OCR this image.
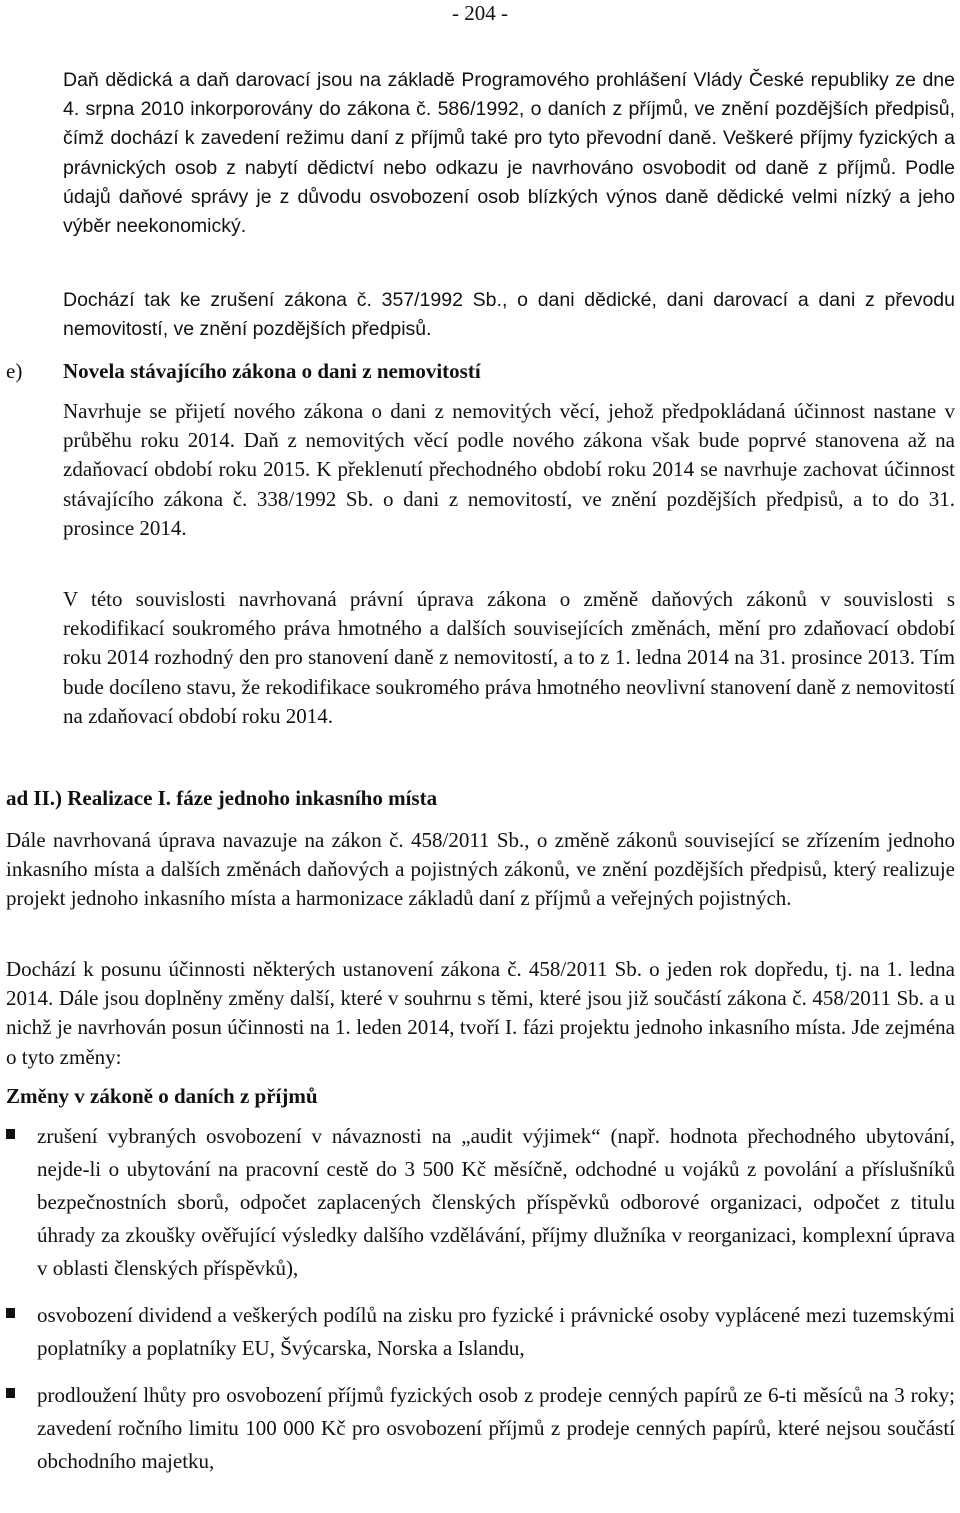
- 204 -

Daň dědická a daň darovací jsou na základě Programového prohlášení Vlády České republiky ze dne 4. srpna 2010 inkorporovány do zákona č. 586/1992, o daních z příjmů, ve znění pozdějších předpisů, čímž dochází k zavedení režimu daní z příjmů také pro tyto převodní daně. Veškeré příjmy fyzických a právnických osob z nabytí dědictví nebo odkazu je navrhováno osvobodit od daně z příjmů. Podle údajů daňové správy je z důvodu osvobození osob blízkých výnos daně dědické velmi nízký a jeho výběr neekonomický.

Dochází tak ke zrušení zákona č. 357/1992 Sb., o dani dědické, dani darovací a dani z převodu nemovitostí, ve znění pozdějších předpisů.

e) Novela stávajícího zákona o dani z nemovitostí

Navrhuje se přijetí nového zákona o dani z nemovitých věcí, jehož předpokládaná účinnost nastane v průběhu roku 2014. Daň z nemovitých věcí podle nového zákona však bude poprvé stanovena až na zdaňovací období roku 2015. K překlenutí přechodného období roku 2014 se navrhuje zachovat účinnost stávajícího zákona č. 338/1992 Sb. o dani z nemovitostí, ve znění pozdějších předpisů, a to do 31. prosince 2014.

V této souvislosti navrhovaná právní úprava zákona o změně daňových zákonů v souvislosti s rekodifikací soukromého práva hmotného a dalších souvisejících změnách, mění pro zdaňovací období roku 2014 rozhodný den pro stanovení daně z nemovitostí, a to z 1. ledna 2014 na 31. prosince 2013. Tím bude docíleno stavu, že rekodifikace soukromého práva hmotného neovlivní stanovení daně z nemovitostí na zdaňovací období roku 2014.

ad II.) Realizace I. fáze jednoho inkasního místa

Dále navrhovaná úprava navazuje na zákon č. 458/2011 Sb., o změně zákonů související se zřízením jednoho inkasního místa a dalších změnách daňových a pojistných zákonů, ve znění pozdějších předpisů, který realizuje projekt jednoho inkasního místa a harmonizace základů daní z příjmů a veřejných pojistných.

Dochází k posunu účinnosti některých ustanovení zákona č. 458/2011 Sb. o jeden rok dopředu, tj. na 1. ledna 2014. Dále jsou doplněny změny další, které v souhrnu s těmi, které jsou již součástí zákona č. 458/2011 Sb. a u nichž je navrhován posun účinnosti na 1. leden 2014, tvoří I. fázi projektu jednoho inkasního místa. Jde zejména o tyto změny:

Změny v zákoně o daních z příjmů

zrušení vybraných osvobození v návaznosti na „audit výjimek“ (např. hodnota přechodného ubytování, nejde-li o ubytování na pracovní cestě do 3 500 Kč měsíčně, odchodné u vojáků z povolání a příslušníků bezpečnostních sborů, odpočet zaplacených členských příspěvků odborové organizaci, odpočet z titulu úhrady za zkoušky ověřující výsledky dalšího vzdělávání, příjmy dlužníka v reorganizaci, komplexní úprava v oblasti členských příspěvků),
osvobození dividend a veškerých podílů na zisku pro fyzické i právnické osoby vyplácené mezi tuzemskými poplatníky a poplatníky EU, Švýcarska, Norska a Islandu,
prodloužení lhůty pro osvobození příjmů fyzických osob z prodeje cenných papírů ze 6-ti měsíců na 3 roky; zavedení ročního limitu 100 000 Kč pro osvobození příjmů z prodeje cenných papírů, které nejsou součástí obchodního majetku,
